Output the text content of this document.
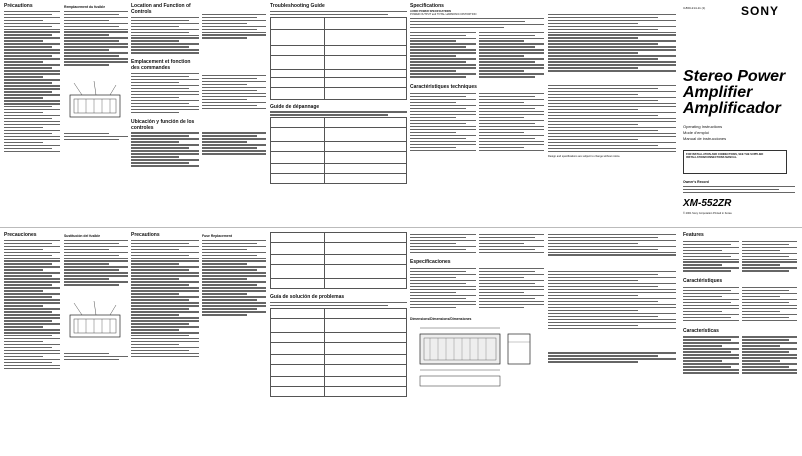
Précautions	Remplacement du fusible	Location and Function of Controls
Emplacement et fonction des commandes
Ubicación y función de los controles
Troubleshooting Guide

Guide de dépannage

Specifications
AUDIO POWER SPECIFICATIONS
POWER OUTPUT and TOTAL HARMONIC DISTORTION
Caractéristiques techniques
Design and specifications are subject to change without notice.
3-860-214-11 (1)	SONY
Stereo Power
Amplifier
Amplificador
Operating Instructions
Mode d'emploi
Manual de instrucciones
FOR INSTALLATION AND CONNECTIONS, SEE THE SUPPLIED INSTALLATION/CONNECTIONS MANUAL.
Owner's Record
XM-552ZR
© 2001 Sony Corporation Printed in Korea
Precauciones	Sustitución del fusible	Precautions	Fuse Replacement

Guía de solución de problemas

Especificaciones
Dimensions/Dimensions/Dimensiones
Features
Caractéristiques
Características
